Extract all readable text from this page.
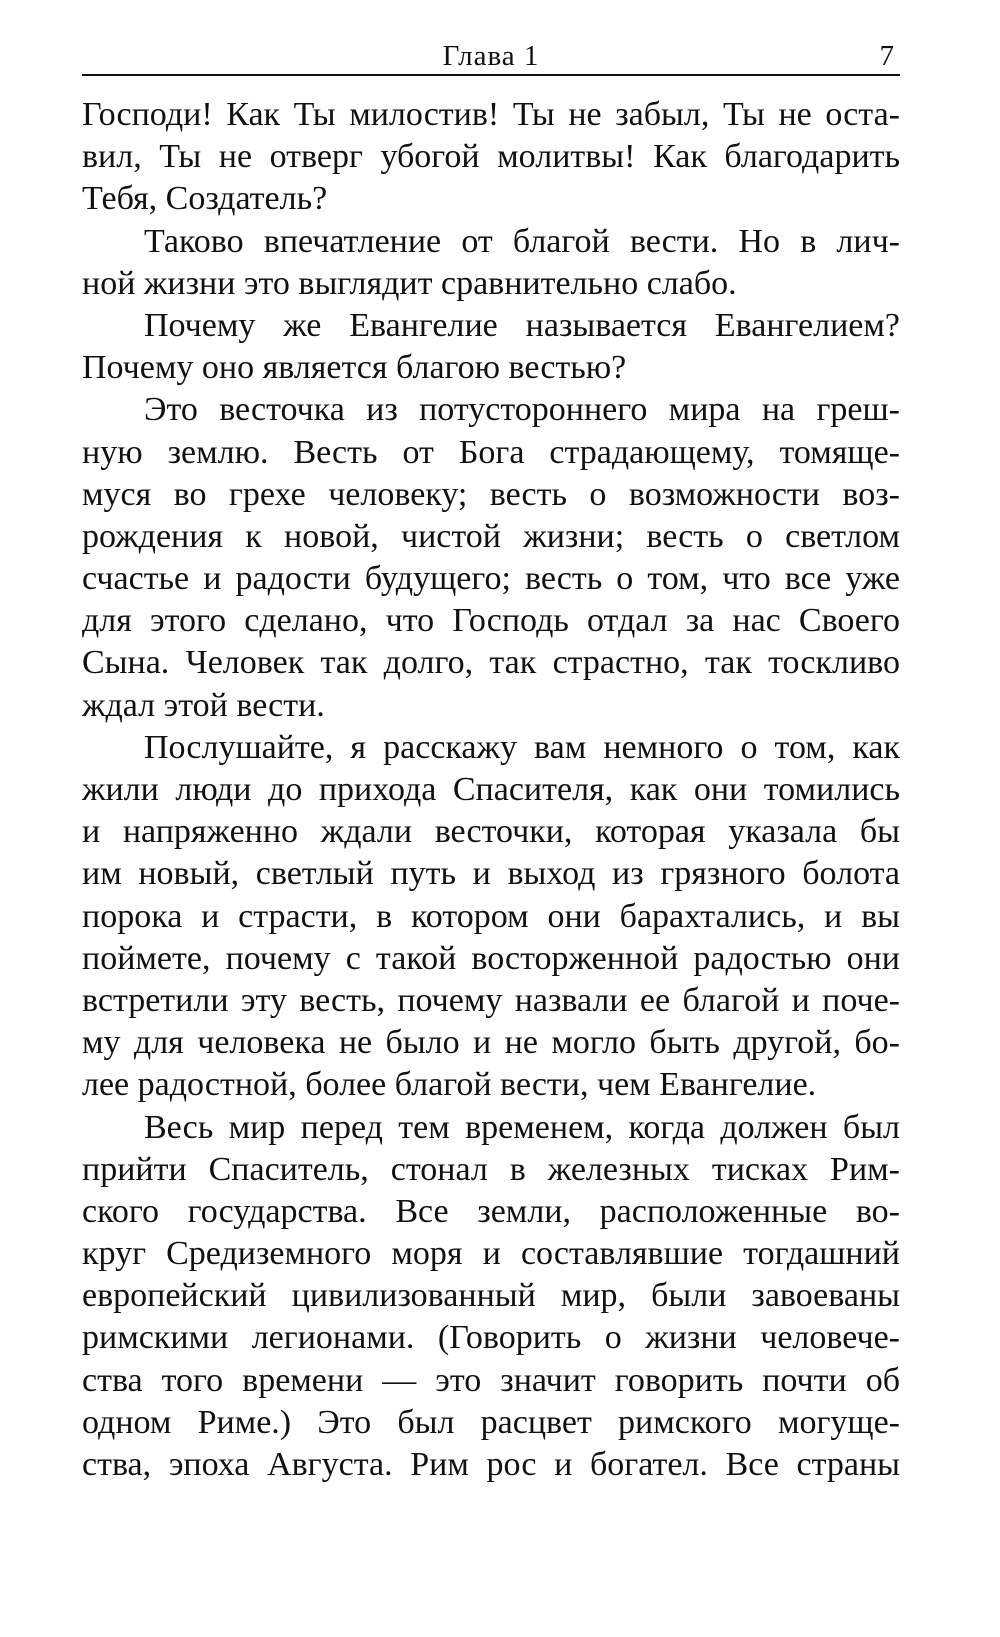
Глава 1	7
Господи! Как Ты милостив! Ты не забыл, Ты не оста-
вил, Ты не отверг убогой молитвы! Как благодарить
Тебя, Создатель?
Таково впечатление от благой вести. Но в лич-
ной жизни это выглядит сравнительно слабо.
Почему же Евангелие называется Евангелием?
Почему оно является благою вестью?
Это весточка из потустороннего мира на греш-
ную землю. Весть от Бога страдающему, томяще-
муся во грехе человеку; весть о возможности воз-
рождения к новой, чистой жизни; весть о светлом
счастье и радости будущего; весть о том, что все уже
для этого сделано, что Господь отдал за нас Своего
Сына. Человек так долго, так страстно, так тоскливо
ждал этой вести.
Послушайте, я расскажу вам немного о том, как
жили люди до прихода Спасителя, как они томились
и напряженно ждали весточки, которая указала бы
им новый, светлый путь и выход из грязного болота
порока и страсти, в котором они барахтались, и вы
поймете, почему с такой восторженной радостью они
встретили эту весть, почему назвали ее благой и поче-
му для человека не было и не могло быть другой, бо-
лее радостной, более благой вести, чем Евангелие.
Весь мир перед тем временем, когда должен был
прийти Спаситель, стонал в железных тисках Рим-
ского государства. Все земли, расположенные во-
круг Средиземного моря и составлявшие тогдашний
европейский цивилизованный мир, были завоеваны
римскими легионами. (Говорить о жизни человече-
ства того времени — это значит говорить почти об
одном Риме.) Это был расцвет римского могуще-
ства, эпоха Августа. Рим рос и богател. Все страны
